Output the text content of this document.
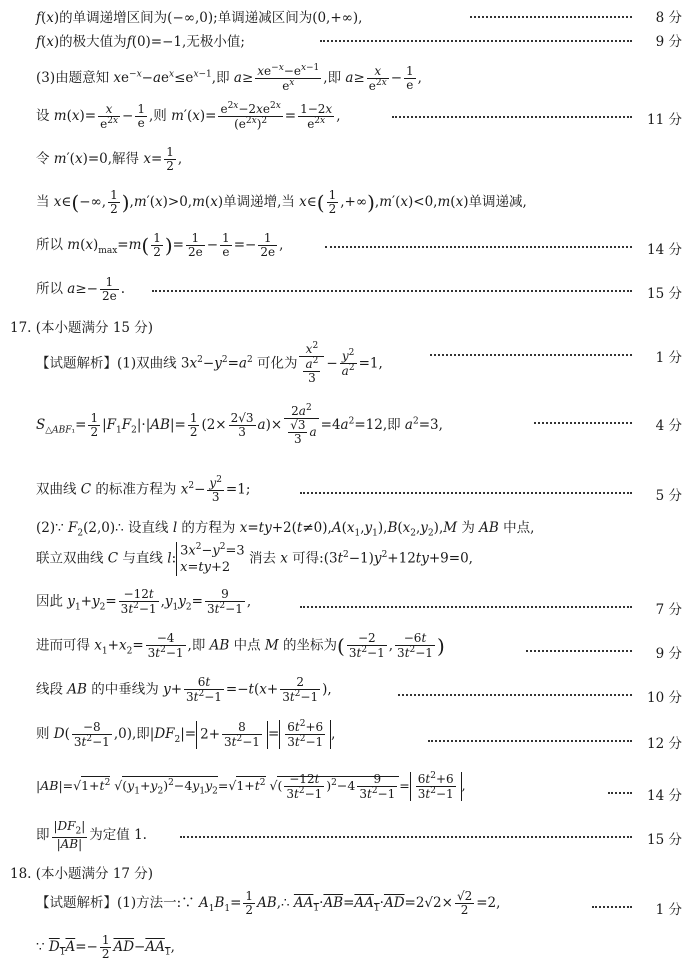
f(x)的单调递增区间为(−∞,0);单调递减区间为(0,+∞),	8 分
f(x)的极大值为f(0)=−1,无极小值;	9 分
(3)由题意知 $xe^{-x}-ae^x\le e^{x-1}$,即 $a\ge \frac{xe^{-x}-e^{x-1}}{e^x}$ ,即 $a\ge \frac{x}{e^{2x}} - \frac{1}{e}$ ,
设 $m(x)= \frac{x}{e^{2x}} - \frac{1}{e}$ ,则 $m'(x)= \frac{e^{2x}-2xe^{2x}}{(e^{2x})^2} = \frac{1-2x}{e^{2x}}$ ,	11 分
令 m′(x)=0,解得 $x= \frac{1}{2}$ ,
当 x∈(−∞, $\frac{1}{2} ),m'(x)>0,m(x)$单调递增,当 x∈( $\frac{1}{2} ,+\infty),m'(x)<0,m(x)$单调递减,
所以 $m(x)_{max}=m( \frac{1}{2}$ )= $\frac{1}{2e} - \frac{1}{e} =- \frac{1}{2e}$ ,	14 分
所以 $a\ge- \frac{1}{2e}$ .	15 分
17. (本小题满分 15 分)
【试题解析】(1)双曲线 $3x^2-y^2=a^2$ 可化为 $\frac{x^2}{\frac{a^2}{3}} - \frac{y^2}{a^2} =1$,	1 分
$S_{\triangle ABF_1}= \frac{1}{2} |F_1F_2|\cdot|AB|= \frac{1}{2} (2\times \frac{2√3}{3} a)\times \frac{2a^2}{\frac{√3}{3} a} =4a^2=12$,即 $a^2=3$,	4 分
双曲线 C 的标准方程为 $x^2- \frac{y^2}{3} =1$;	5 分
(2)∵ $F_2(2,0)\therefore$ 设直线 l 的方程为 $x=ty+2(t\ne 0),A(x_1,y_1),B(x_2,y_2),M$ 为 AB 中点,
联立双曲线 C 与直线 l: $3x^2-y^2=3$
x=ty+2 消去 x 可得$:(3t^2-1)y^2+12ty+9=0$,
因此 $y_1+y_2= \frac{-12t}{3t^2-1} ,y_1y_2= \frac{9}{3t^2-1}$ ,
7 分
进而可得 $x_1+x_2= \frac{-4}{3t^2-1}$ ,即 AB 中点 M 的坐标为( $\frac{-2}{3t^2-1}$ , $\frac{-6t}{3t^2-1}$ )	9 分
线段 AB 的中垂线为 $y+ \frac{6t}{3t^2-1} =-t(x+ \frac{2}{3t^2-1}$ ),
10 分
则 $D( \frac{-8}{3t^2-1} ,0)$,即$|DF_2|= 2+ \frac{8}{3t^2-1} = \frac{6t^2+6}{3t^2-1}$ ,
12 分
$|AB|=√1+t^2$ $√(y_1+y_2)^2-4y_1y_2=√1+t^2$ √( $\frac{-12t}{3t^2-1} )^2-4 \frac{9}{3t^2-1} = \frac{6t^2+6}{3t^2-1}$ ,
14 分
即 $\frac{|DF_2|}{|AB|}$ 为定值 1.	15 分
18. (本小题满分 17 分)
【试题解析】(1)方法一:∵ $A_1B_1= \frac{1}{2}$ AB,∴ $AA_1\cdot\overline{AB}=AA_1\cdot\overline{AD}=2√2\times \frac{√2}{2} =2$,	1 分
∵ $D_1A=- \frac{1}{2} \overline{AD}-AA_1$,
